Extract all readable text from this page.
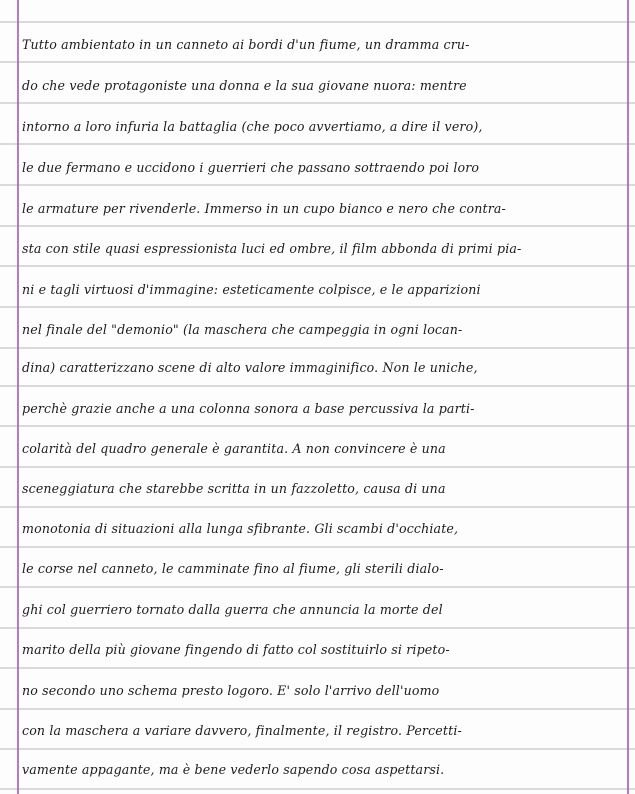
Tutto ambientato in un canneto ai bordi d'un fiume, un dramma cru-
do che vede protagoniste una donna e la sua giovane nuora: mentre
intorno a loro infuria la battaglia (che poco avvertiamo, a dire il vero),
le due fermano e uccidono i guerrieri che passano sottraendo poi loro
le armature per rivenderle. Immerso in un cupo bianco e nero che contra-
sta con stile quasi espressionista luci ed ombre, il film abbonda di primi pia-
ni e tagli virtuosi d'immagine: esteticamente colpisce, e le apparizioni
nel finale del "demonio" (la maschera che campeggia in ogni locan-
dina) caratterizzano scene di alto valore immaginifico. Non le uniche,
perchè grazie anche a una colonna sonora a base percussiva la parti-
colarità del quadro generale è garantita. A non convincere è una
sceneggiatura che starebbe scritta in un fazzoletto, causa di una
monotonia di situazioni alla lunga sfibrante. Gli scambi d'occhiate,
le corse nel canneto, le camminate fino al fiume, gli sterili dialo-
ghi col guerriero tornato dalla guerra che annuncia la morte del
marito della più giovane fingendo di fatto col sostituirlo si ripeto-
no secondo uno schema presto logoro. E' solo l'arrivo dell'uomo
con la maschera a variare davvero, finalmente, il registro. Percetti-
vamente appagante, ma è bene vederlo sapendo cosa aspettarsi.
